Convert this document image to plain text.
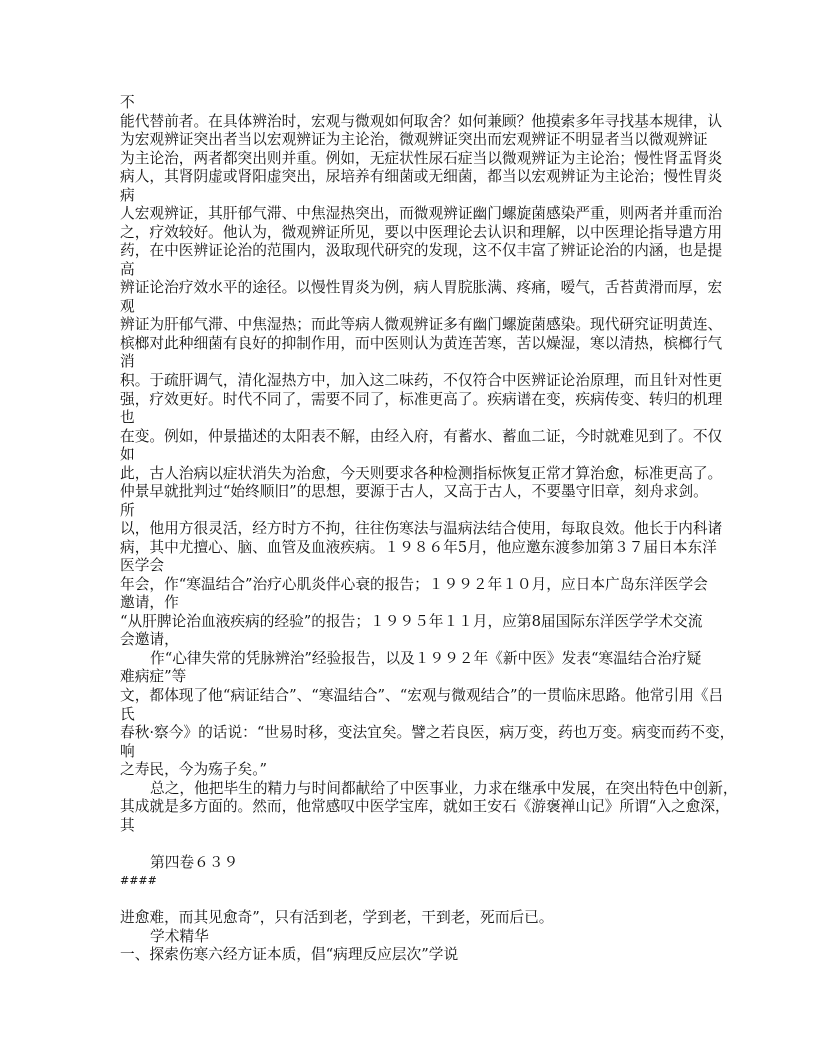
不
能代替前者。在具体辨治时，宏观与微观如何取舍？如何兼顾？他摸索多年寻找基本规律，认
为宏观辨证突出者当以宏观辨证为主论治，微观辨证突出而宏观辨证不明显者当以微观辨证
为主论治，两者都突出则并重。例如，无症状性尿石症当以微观辨证为主论治；慢性肾盂肾炎
病人，其肾阴虚或肾阳虚突出，尿培养有细菌或无细菌，都当以宏观辨证为主论治；慢性胃炎
病
人宏观辨证，其肝郁气滞、中焦湿热突出，而微观辨证幽门螺旋菌感染严重，则两者并重而治
之，疗效较好。他认为，微观辨证所见，要以中医理论去认识和理解，以中医理论指导遣方用
药，在中医辨证论治的范围内，汲取现代研究的发现，这不仅丰富了辨证论治的内涵，也是提
高
辨证论治疗效水平的途径。以慢性胃炎为例，病人胃脘胀满、疼痛，嗳气，舌苔黄滑而厚，宏
观
辨证为肝郁气滞、中焦湿热；而此等病人微观辨证多有幽门螺旋菌感染。现代研究证明黄连、
槟榔对此种细菌有良好的抑制作用，而中医则认为黄连苦寒，苦以燥湿，寒以清热，槟榔行气
消
积。于疏肝调气，清化湿热方中，加入这二味药，不仅符合中医辨证论治原理，而且针对性更
强，疗效更好。时代不同了，需要不同了，标准更高了。疾病谱在变，疾病传变、转归的机理
也
在变。例如，仲景描述的太阳表不解，由经入府，有蓄水、蓄血二证，今时就难见到了。不仅
如
此，古人治病以症状消失为治愈，今天则要求各种检测指标恢复正常才算治愈，标准更高了。
仲景早就批判过“始终顺旧”的思想，要源于古人，又高于古人，不要墨守旧章，刻舟求剑。
所
以，他用方很灵活，经方时方不拘，往往伤寒法与温病法结合使用，每取良效。他长于内科诸
病，其中尤擅心、脑、血管及血液疾病。１９８６年5月，他应邀东渡参加第３７届日本东洋
医学会
年会，作“寒温结合”治疗心肌炎伴心衰的报告；１９９２年１０月，应日本广岛东洋医学会
邀请，作
“从肝脾论治血液疾病的经验”的报告；１９９５年１１月，应第8届国际东洋医学学术交流
会邀请，
作“心律失常的凭脉辨治”经验报告，以及１９９２年《新中医》发表“寒温结合治疗疑
难病症”等
文，都体现了他“病证结合”、“寒温结合”、“宏观与微观结合”的一贯临床思路。他常引用《吕
氏
春秋·察今》的话说：“世易时移，变法宜矣。譬之若良医，病万变，药也万变。病变而药不变，
响
之寿民，今为殇子矣。”
总之，他把毕生的精力与时间都献给了中医事业，力求在继承中发展，在突出特色中创新，
其成就是多方面的。然而，他常感叹中医学宝库，就如王安石《游褒禅山记》所谓“入之愈深，
其
第四卷６３９
####
进愈难，而其见愈奇”，只有活到老，学到老，干到老，死而后已。
学术精华
一、探索伤寒六经方证本质，倡“病理反应层次”学说
